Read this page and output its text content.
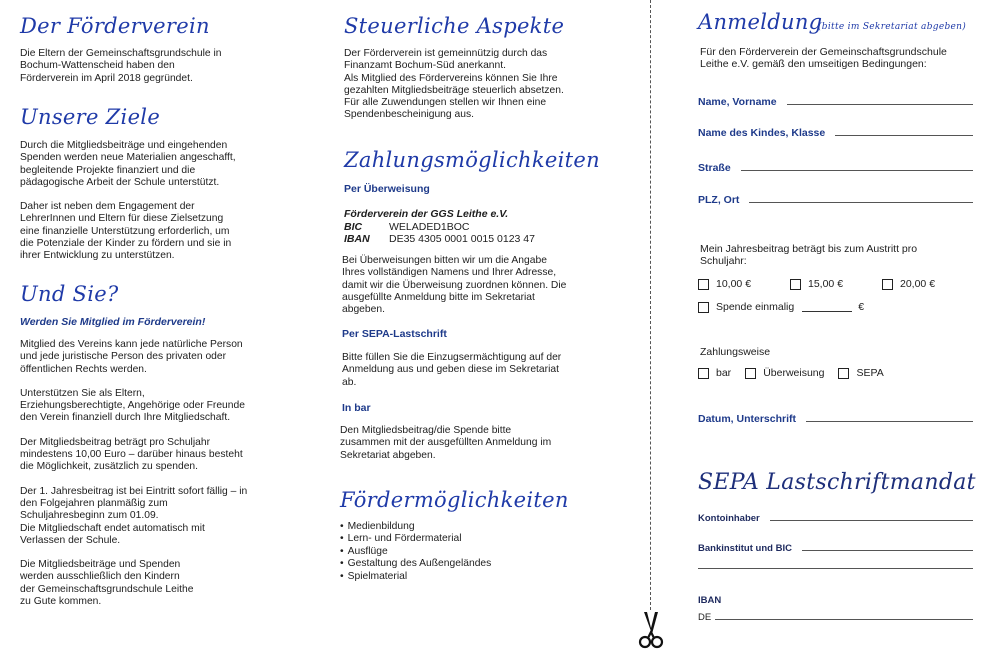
Der Förderverein

Die Eltern der Gemeinschaftsgrundschule in Bochum-Wattenscheid haben den Förderverein im April 2018 gegründet.

Unsere Ziele

Durch die Mitgliedsbeiträge und eingehenden Spenden werden neue Materialien angeschafft, begleitende Projekte finanziert und die pädagogische Arbeit der Schule unterstützt.

Daher ist neben dem Engagement der LehrerInnen und Eltern für diese Zielsetzung eine finanzielle Unterstützung erforderlich, um die Potenziale der Kinder zu fördern und sie in ihrer Entwicklung zu unterstützen.

Und Sie?
Werden Sie Mitglied im Förderverein!

Mitglied des Vereins kann jede natürliche Person und jede juristische Person des privaten oder öffentlichen Rechts werden.

Unterstützen Sie als Eltern, Erziehungsberechtigte, Angehörige oder Freunde den Verein finanziell durch Ihre Mitgliedschaft.

Der Mitgliedsbeitrag beträgt pro Schuljahr mindestens 10,00 Euro – darüber hinaus besteht die Möglichkeit, zusätzlich zu spenden.

Der 1. Jahresbeitrag ist bei Eintritt sofort fällig – in den Folgejahren planmäßig zum Schuljahresbeginn zum 01.09.

Die Mitgliedschaft endet automatisch mit Verlassen der Schule.

Die Mitgliedsbeiträge und Spenden werden ausschließlich den Kindern der Gemeinschaftsgrundschule Leithe zu Gute kommen.

Steuerliche Aspekte
Der Förderverein ist gemeinnützig durch das Finanzamt Bochum-Süd anerkannt.
Als Mitglied des Fördervereins können Sie Ihre gezahlten Mitgliedsbeiträge steuerlich absetzen.
Für alle Zuwendungen stellen wir Ihnen eine Spendenbescheinigung aus.
Zahlungsmöglichkeiten
Per Überweisung
Förderverein der GGS Leithe e.V.
BIC	WELADED1BOC
IBAN	DE35 4305 0001 0015 0123 47

Bei Überweisungen bitten wir um die Angabe Ihres vollständigen Namens und Ihrer Adresse, damit wir die Überweisung zuordnen können. Die ausgefüllte Anmeldung bitte im Sekretariat abgeben.

Per SEPA-Lastschrift

Bitte füllen Sie die Einzugsermächtigung auf der Anmeldung aus und geben diese im Sekretariat ab.

In bar

Den Mitgliedsbeitrag/die Spende bitte zusammen mit der ausgefüllten Anmeldung im Sekretariat abgeben.

Fördermöglichkeiten
• Medienbildung
• Lern- und Fördermaterial
• Ausflüge
• Gestaltung des Außengeländes
• Spielmaterial
Anmeldung
(bitte im Sekretariat abgeben)
Für den Förderverein der Gemeinschaftsgrundschule Leithe e.V. gemäß den umseitigen Bedingungen:
Name, Vorname
Name des Kindes, Klasse
Straße
PLZ, Ort
Mein Jahresbeitrag beträgt bis zum Austritt pro Schuljahr:
10,00 €	15,00 €	20,00 €
Spende einmalig	€
Zahlungsweise
bar	Überweisung	SEPA
Datum, Unterschrift
SEPA Lastschriftmandat
Kontoinhaber
Bankinstitut und BIC
IBAN
DE
